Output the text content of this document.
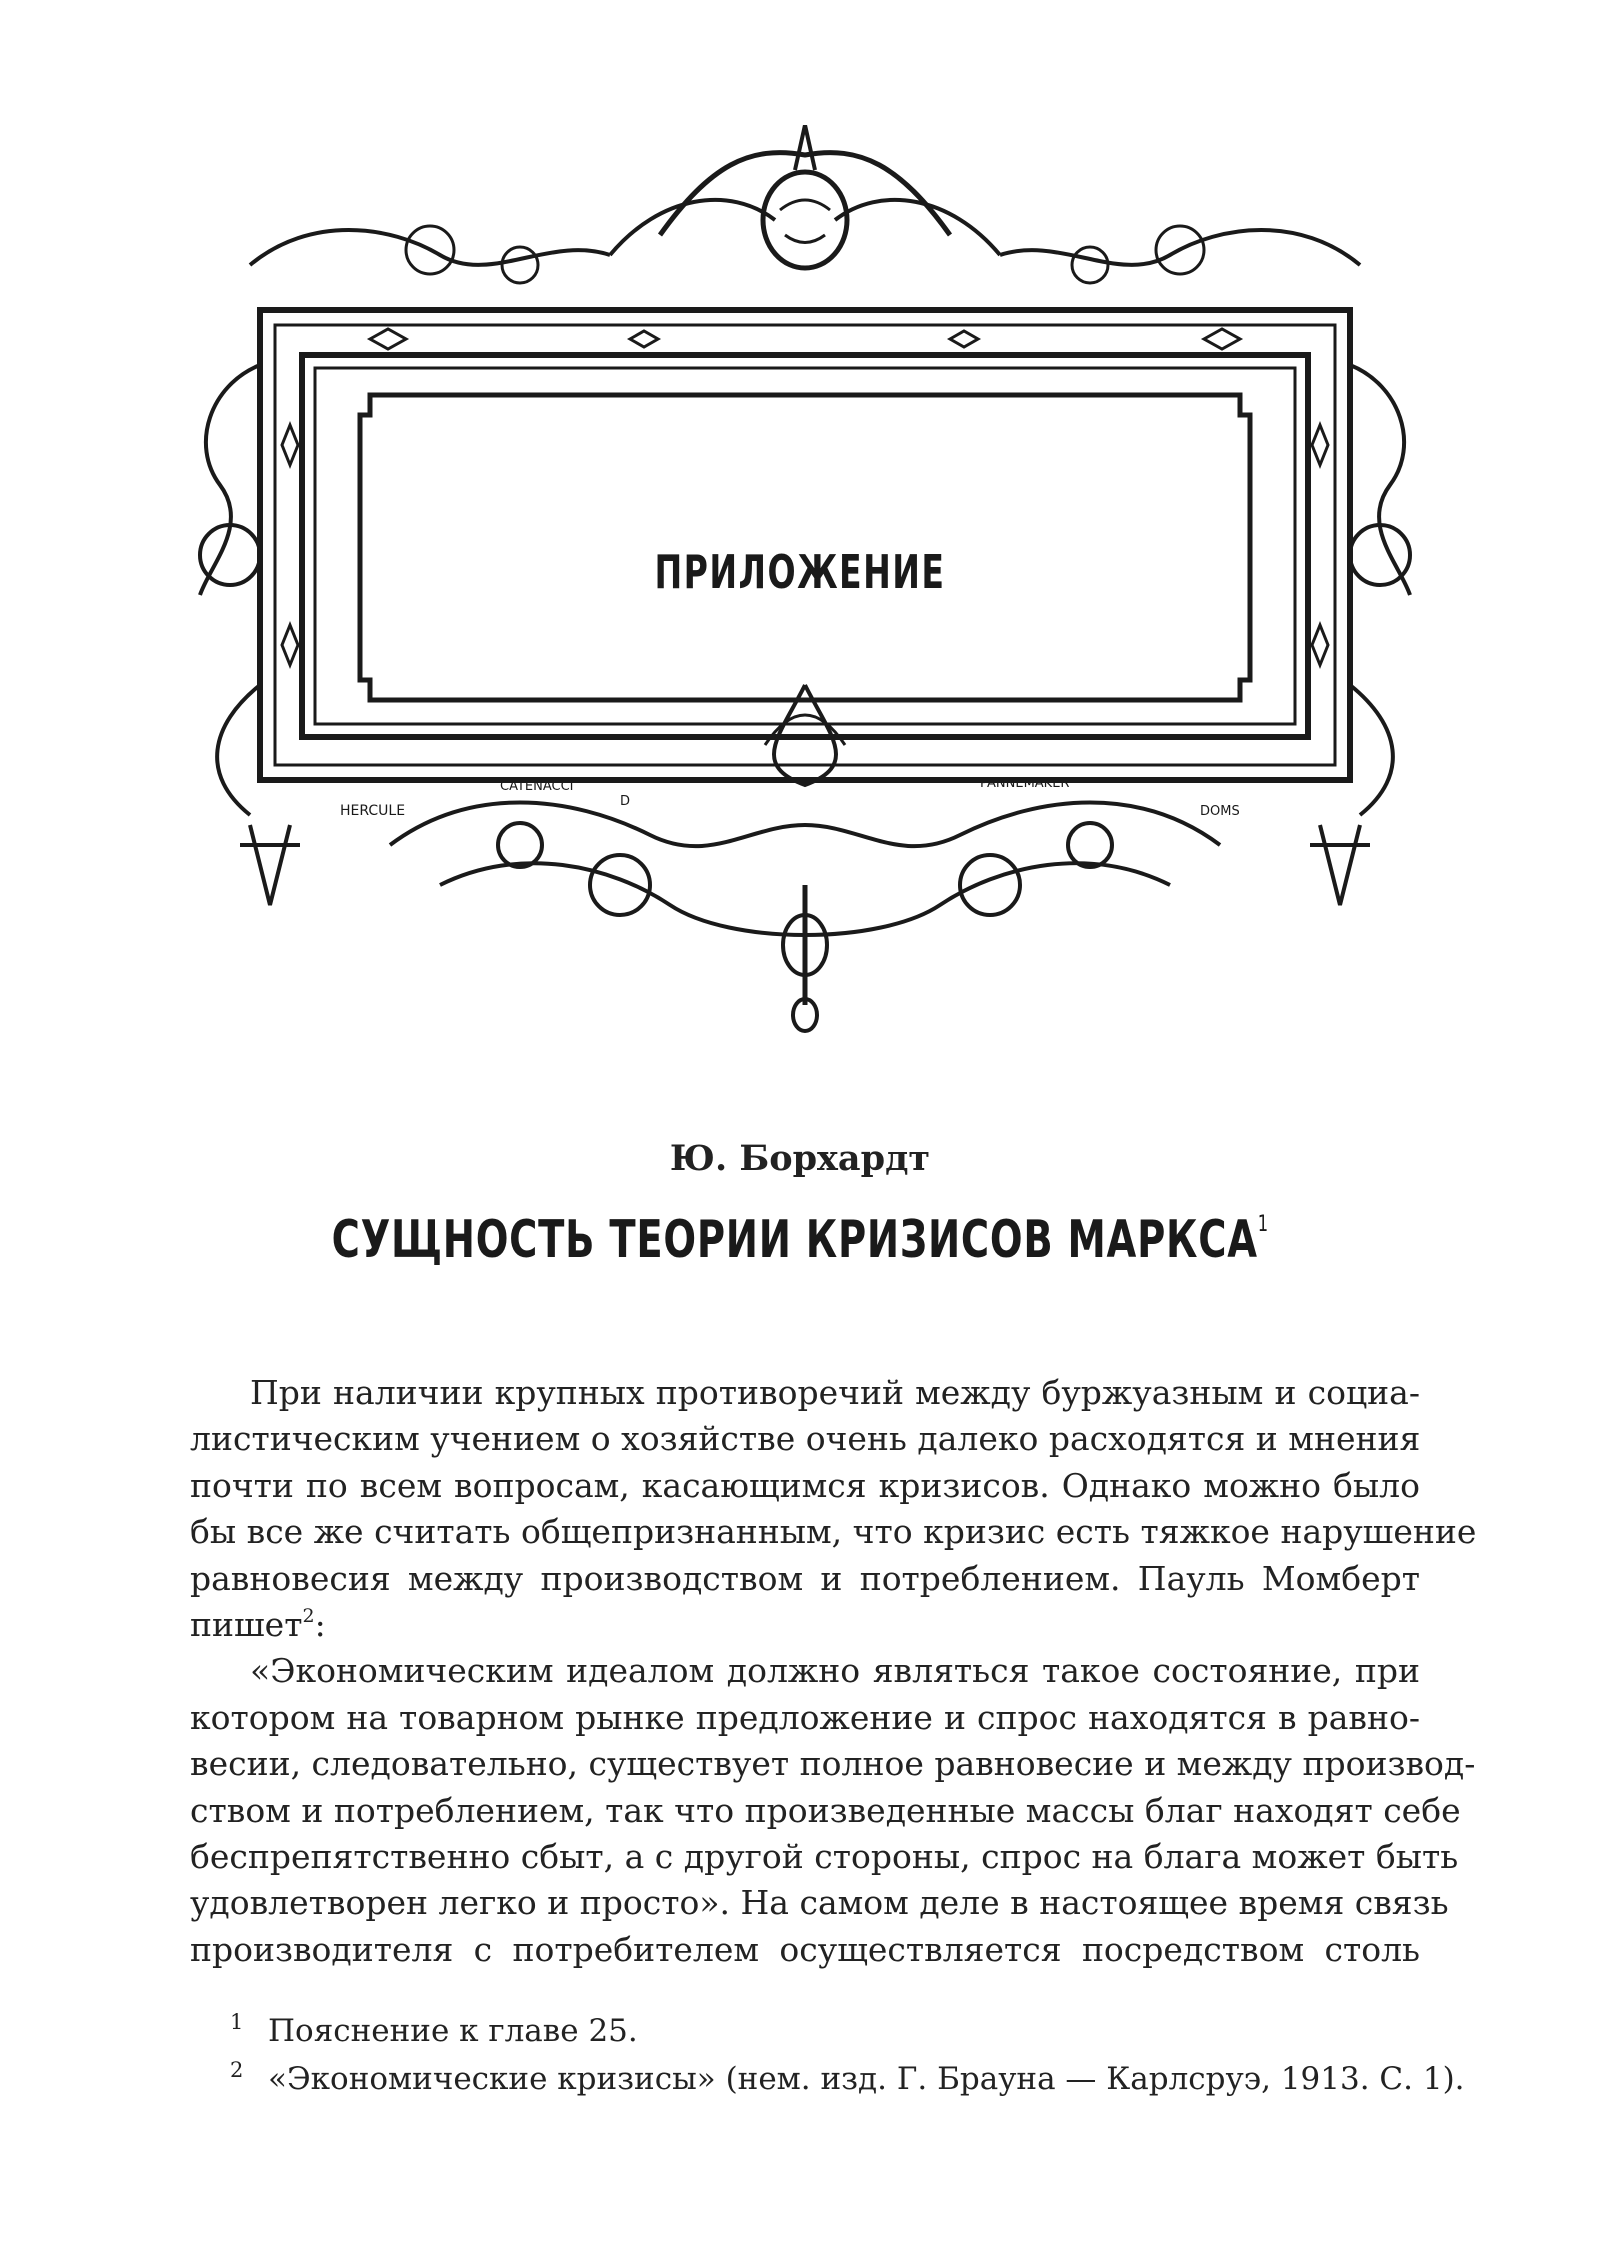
HERCULE
CATENACCI
D
PANNEMAKER
DOMS
ПРИЛОЖЕНИЕ
Ю. Борхардт
СУЩНОСТЬ ТЕОРИИ КРИЗИСОВ МАРКСА$^1$
При наличии крупных противоречий между буржуазным и социа-
листическим учением о хозяйстве очень далеко расходятся и мнения
почти по всем вопросам, касающимся кризисов. Однако можно было
бы все же считать общепризнанным, что кризис есть тяжкое нарушение
равновесия между производством и потреблением. Пауль Момберт
пишет$^2$:
«Экономическим идеалом должно являться такое состояние, при
котором на товарном рынке предложение и спрос находятся в равно-
весии, следовательно, существует полное равновесие и между производ-
ством и потреблением, так что произведенные массы благ находят себе
беспрепятственно сбыт, а с другой стороны, спрос на блага может быть
удовлетворен легко и просто». На самом деле в настоящее время связь
производителя с потребителем осуществляется посредством столь
1 Пояснение к главе 25.
2 «Экономические кризисы» (нем. изд. Г. Брауна — Карлсруэ, 1913. С. 1).
